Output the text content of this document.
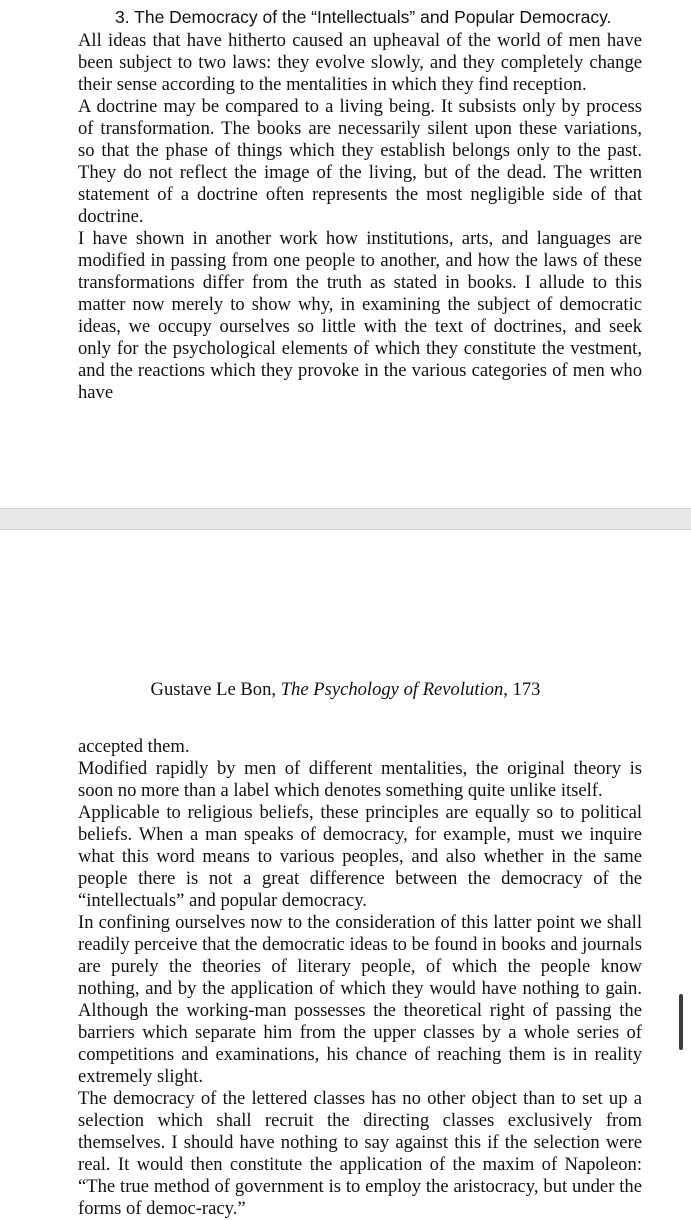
3. The Democracy of the “Intellectuals” and Popular Democracy.

All ideas that have hitherto caused an upheaval of the world of men have been subject to two laws: they evolve slowly, and they completely change their sense according to the mentalities in which they find reception.

A doctrine may be compared to a living being. It subsists only by process of transformation. The books are necessarily silent upon these variations, so that the phase of things which they establish belongs only to the past. They do not reflect the image of the living, but of the dead. The written statement of a doctrine often represents the most negligible side of that doctrine.

I have shown in another work how institutions, arts, and languages are modified in passing from one people to another, and how the laws of these transformations differ from the truth as stated in books. I allude to this matter now merely to show why, in examining the subject of democratic ideas, we occupy ourselves so little with the text of doctrines, and seek only for the psychological elements of which they constitute the vestment, and the reactions which they provoke in the various categories of men who have

Gustave Le Bon, The Psychology of Revolution, 173

accepted them.

Modified rapidly by men of different mentalities, the original theory is soon no more than a label which denotes something quite unlike itself.

Applicable to religious beliefs, these principles are equally so to political beliefs. When a man speaks of democracy, for example, must we inquire what this word means to various peoples, and also whether in the same people there is not a great difference between the democracy of the “intellectuals” and popular democracy.

In confining ourselves now to the consideration of this latter point we shall readily perceive that the democratic ideas to be found in books and journals are purely the theories of literary people, of which the people know nothing, and by the application of which they would have nothing to gain. Although the working-man possesses the theoretical right of passing the barriers which separate him from the upper classes by a whole series of competitions and examinations, his chance of reaching them is in reality extremely slight.

The democracy of the lettered classes has no other object than to set up a selection which shall recruit the directing classes exclusively from themselves. I should have nothing to say against this if the selection were real. It would then constitute the application of the maxim of Napoleon: “The true method of government is to employ the aristocracy, but under the forms of democ-racy.”
